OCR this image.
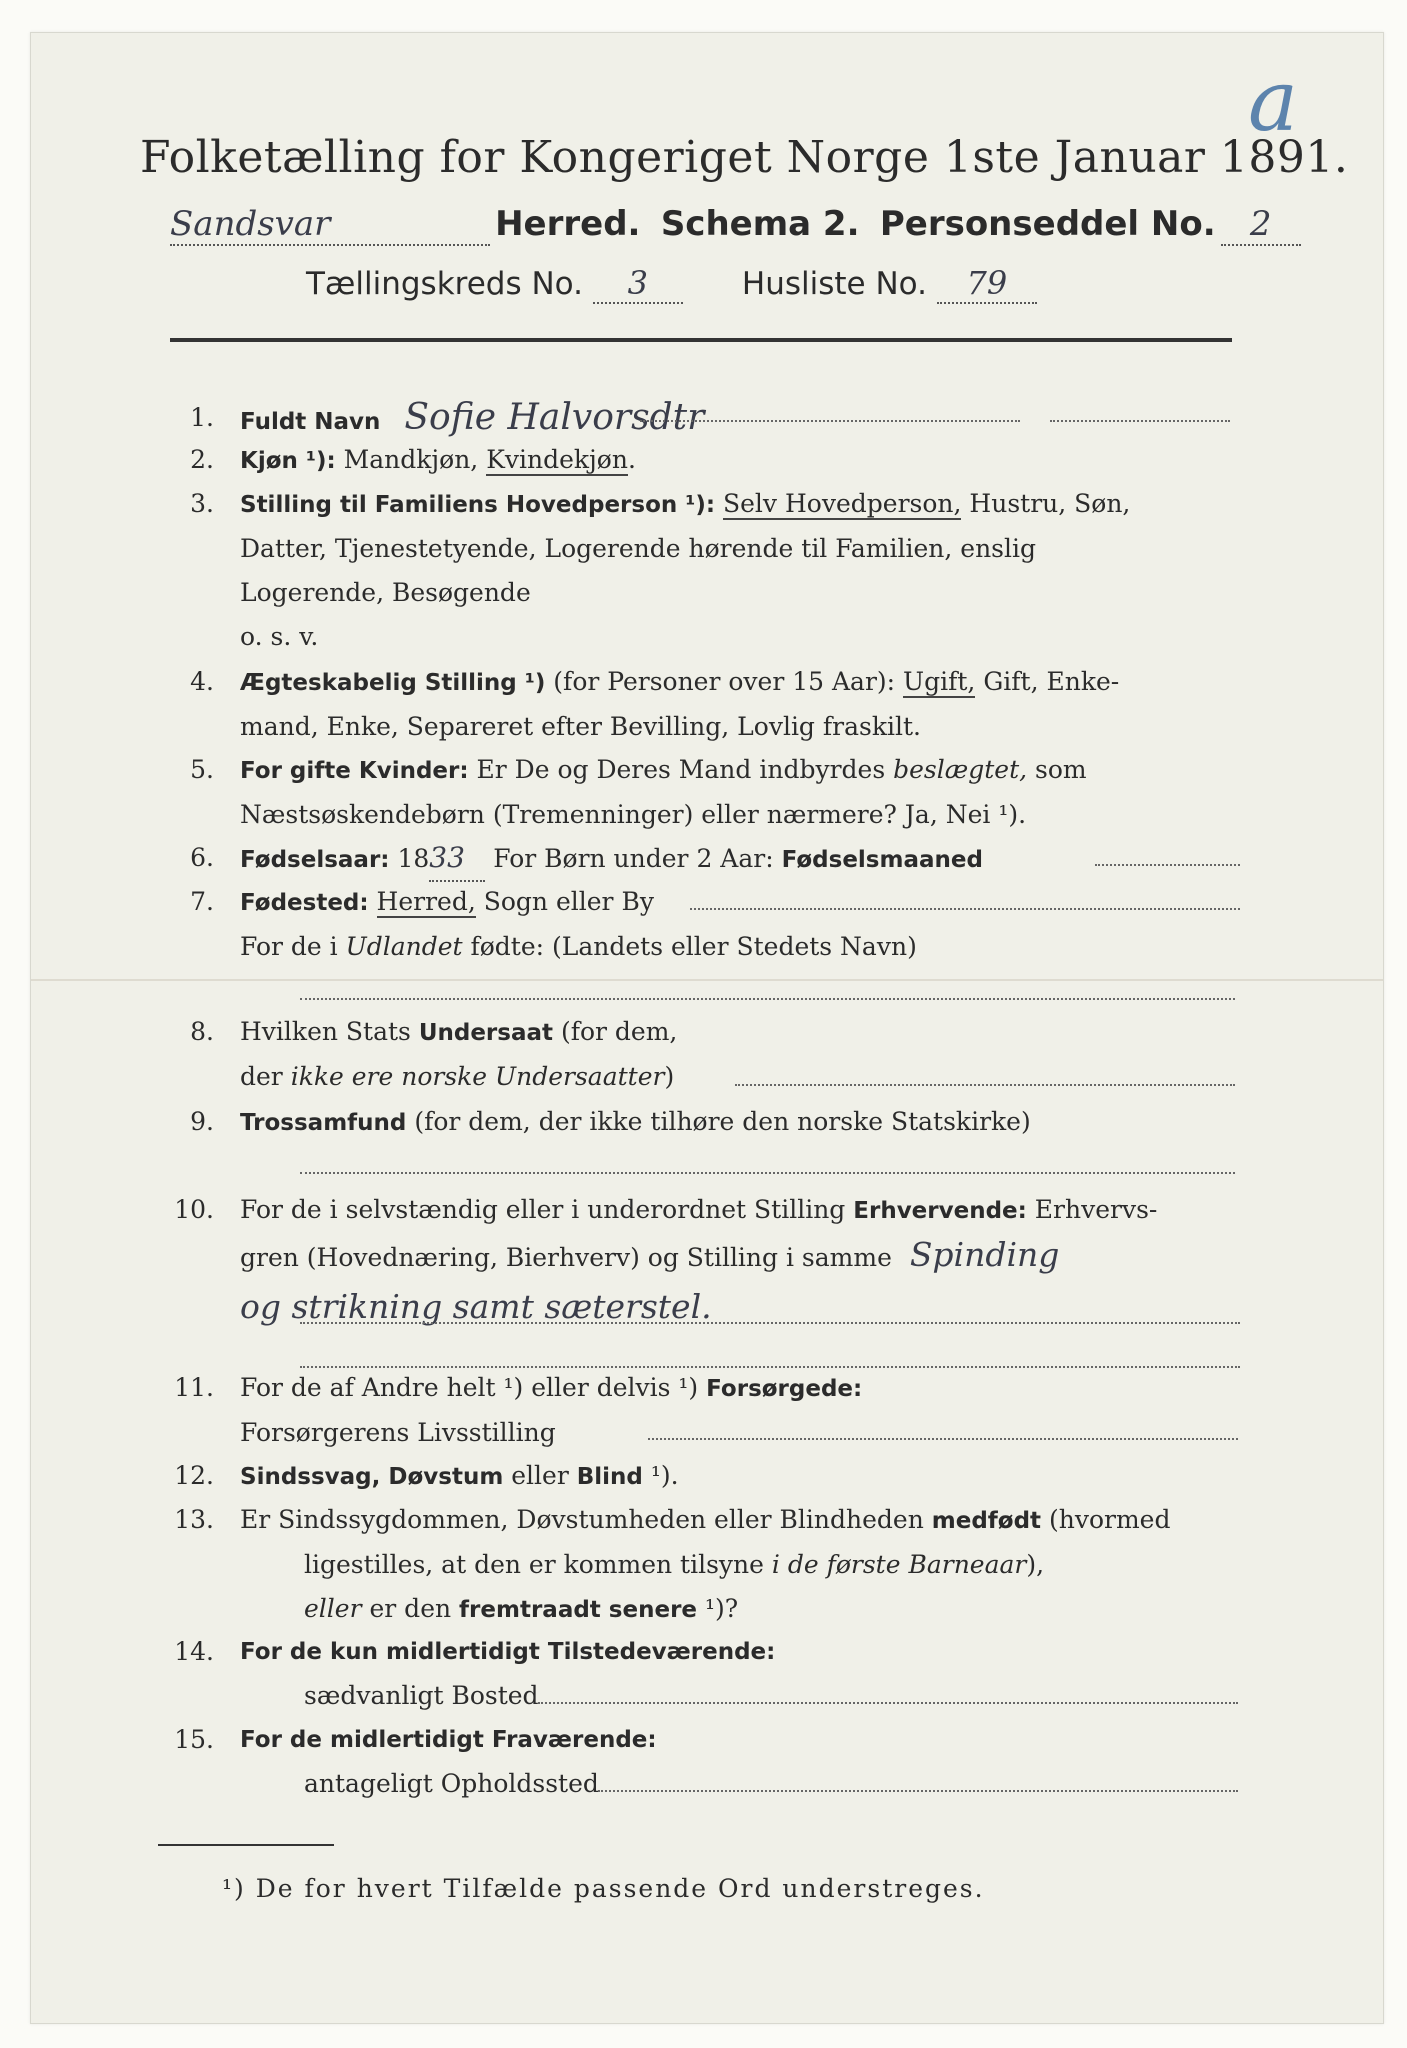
a
Folketælling for Kongeriget Norge 1ste Januar 1891.
Sandsvar	Herred. Schema 2. Personseddel No. 2
Tællingskreds No. 3	Husliste No. 79
1. Fuldt Navn Sofie Halvorsdtr
2. Kjøn ¹): Mandkjøn, Kvindekjøn.
3. Stilling til Familiens Hovedperson ¹): Selv Hovedperson, Hustru, Søn,
Datter, Tjenestetyende, Logerende hørende til Familien, enslig
Logerende, Besøgende
o. s. v.
4. Ægteskabelig Stilling ¹) (for Personer over 15 Aar): Ugift, Gift, Enke-
mand, Enke, Separeret efter Bevilling, Lovlig fraskilt.
5. For gifte Kvinder: Er De og Deres Mand indbyrdes beslægtet, som
Næstsøskendebørn (Tremenninger) eller nærmere? Ja, Nei ¹).
6. Fødselsaar: 1833 For Børn under 2 Aar: Fødselsmaaned
7. Fødested: Herred, Sogn eller By
For de i Udlandet fødte: (Landets eller Stedets Navn)
8. Hvilken Stats Undersaat (for dem,
der ikke ere norske Undersaatter)
9. Trossamfund (for dem, der ikke tilhøre den norske Statskirke)
10. For de i selvstændig eller i underordnet Stilling Erhvervende: Erhvervs-
gren (Hovednæring, Bierhverv) og Stilling i samme Spinding
og strikning samt sæterstel.
11. For de af Andre helt ¹) eller delvis ¹) Forsørgede:
Forsørgerens Livsstilling
12. Sindssvag, Døvstum eller Blind ¹).
13. Er Sindssygdommen, Døvstumheden eller Blindheden medfødt (hvormed
ligestilles, at den er kommen tilsyne i de første Barneaar),
eller er den fremtraadt senere ¹)?
14. For de kun midlertidigt Tilstedeværende:
sædvanligt Bosted
15. For de midlertidigt Fraværende:
antageligt Opholdssted
¹) De for hvert Tilfælde passende Ord understreges.
